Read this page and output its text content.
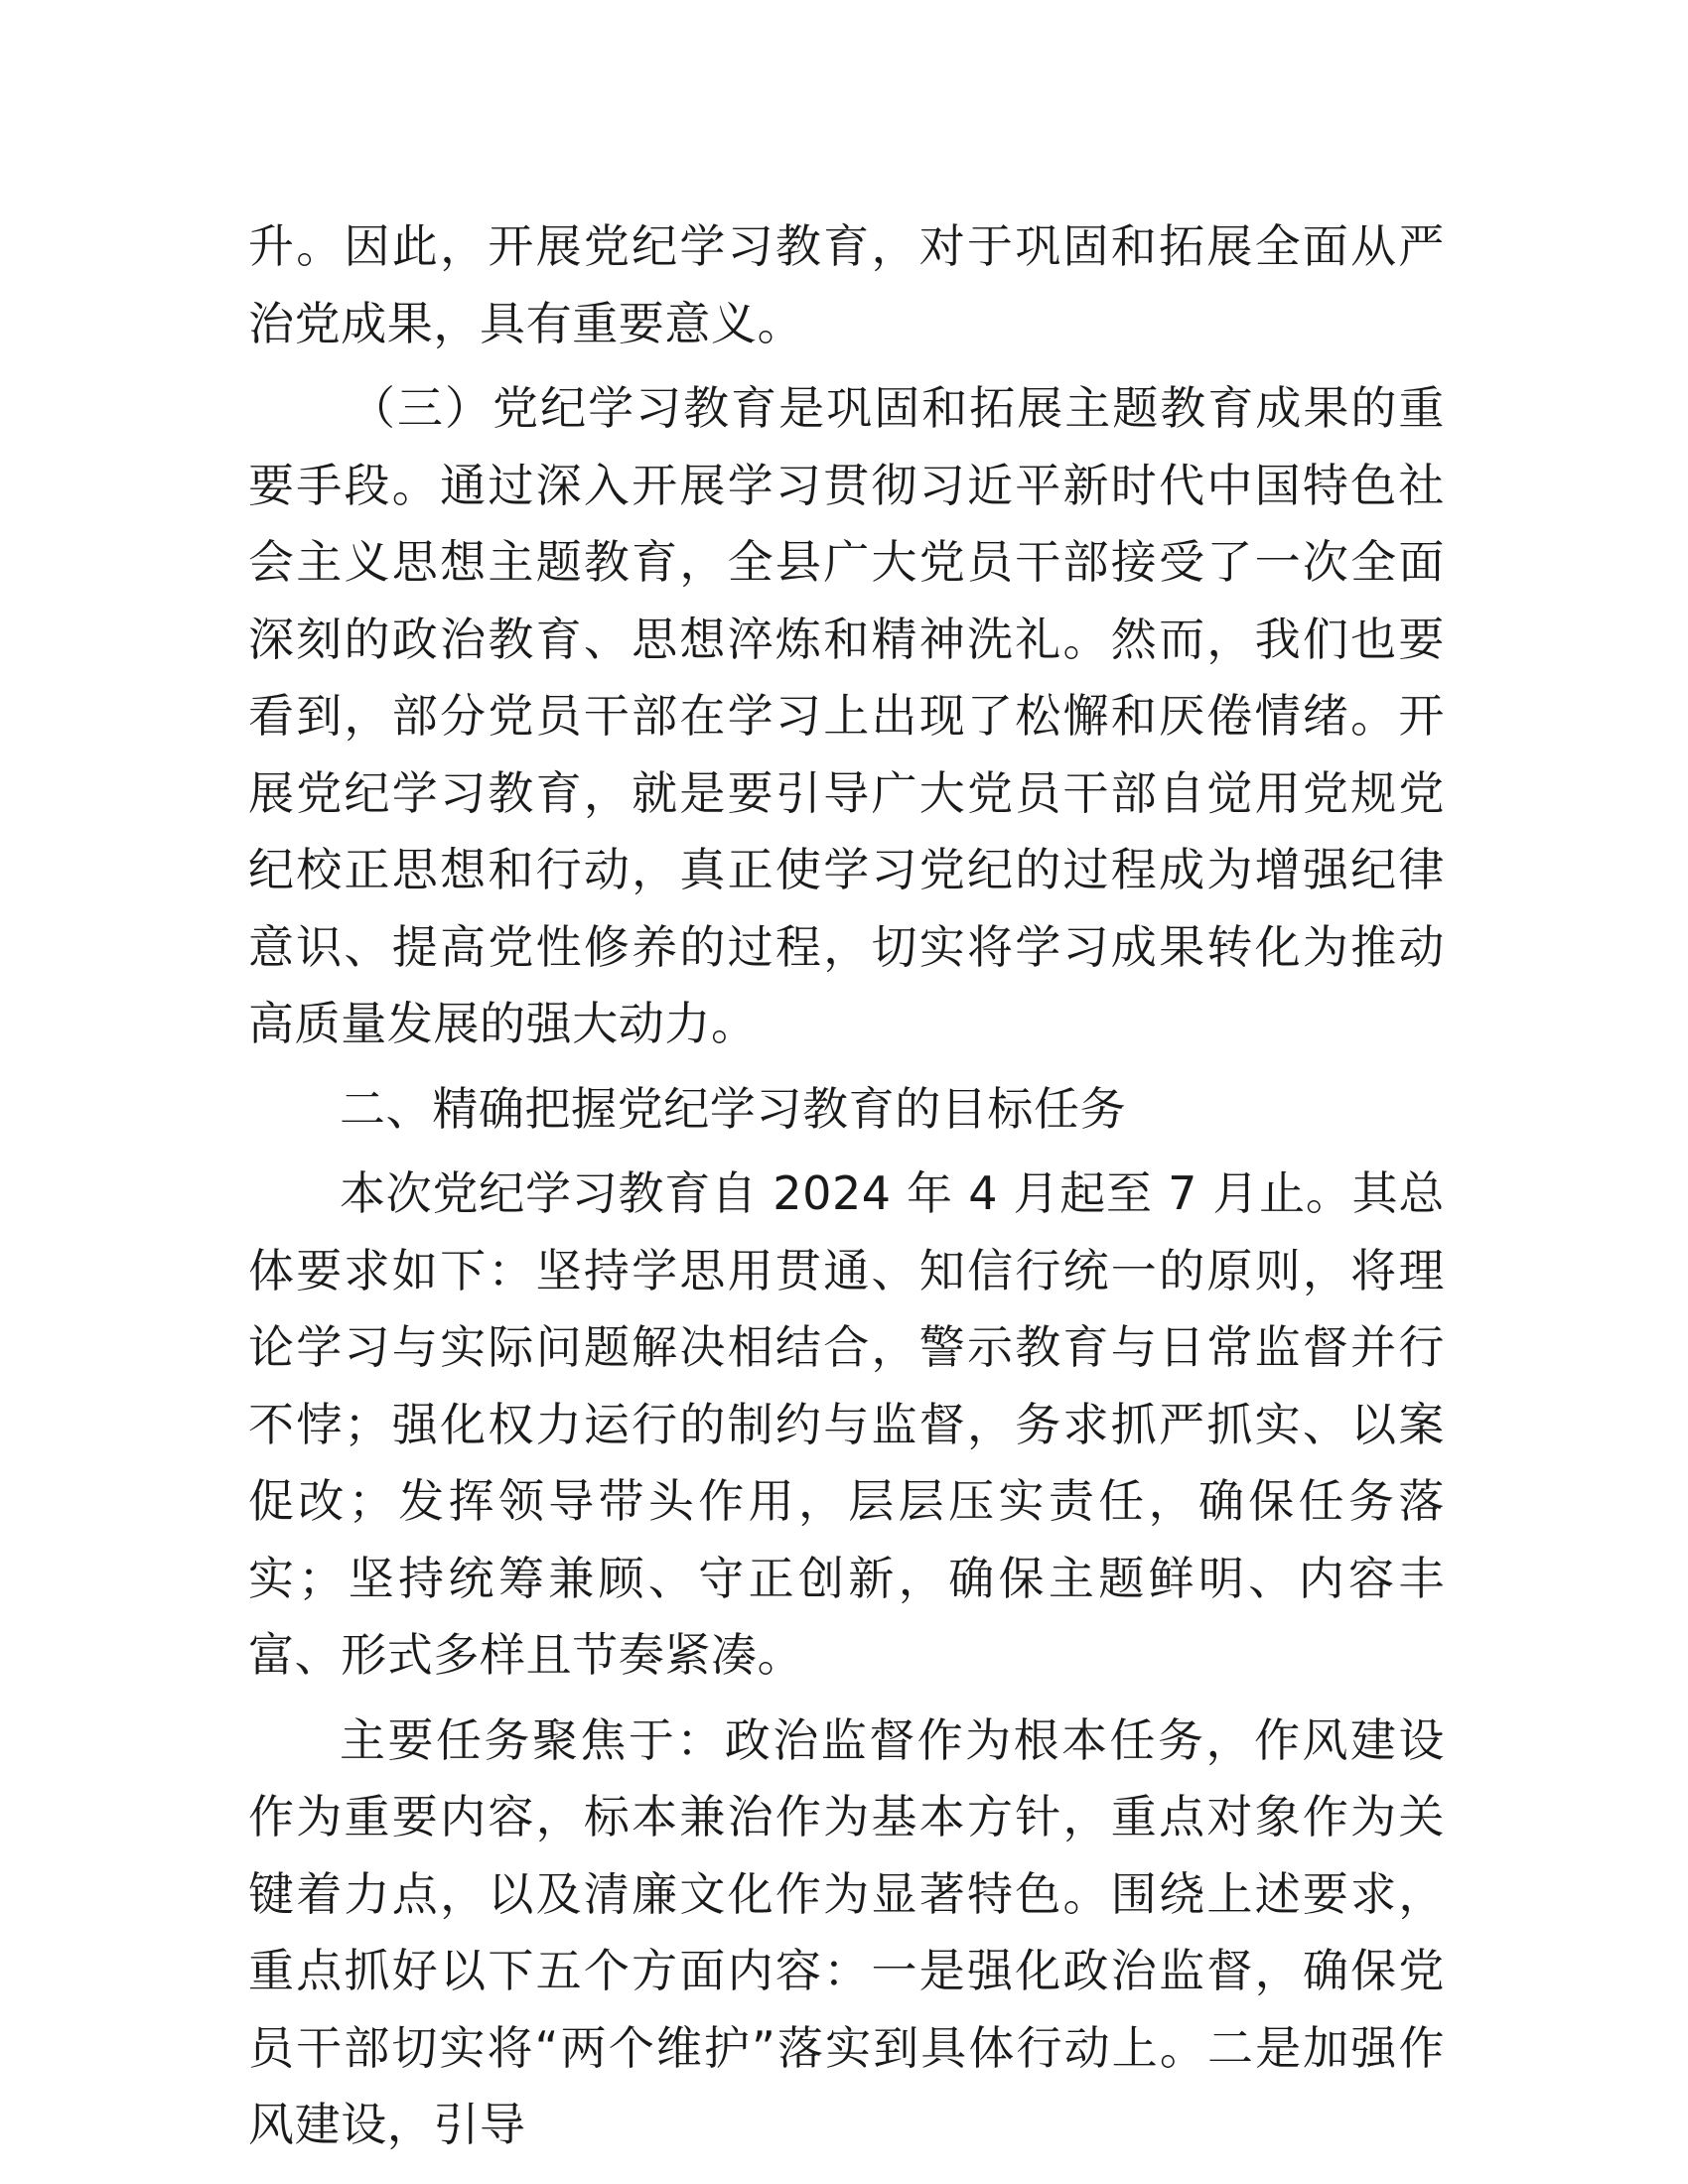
升。因此，开展党纪学习教育，对于巩固和拓展全面从严治党成果，具有重要意义。

（三）党纪学习教育是巩固和拓展主题教育成果的重要手段。通过深入开展学习贯彻习近平新时代中国特色社会主义思想主题教育，全县广大党员干部接受了一次全面深刻的政治教育、思想淬炼和精神洗礼。然而，我们也要看到，部分党员干部在学习上出现了松懈和厌倦情绪。开展党纪学习教育，就是要引导广大党员干部自觉用党规党纪校正思想和行动，真正使学习党纪的过程成为增强纪律意识、提高党性修养的过程，切实将学习成果转化为推动高质量发展的强大动力。

二、精确把握党纪学习教育的目标任务

本次党纪学习教育自 2024 年 4 月起至 7 月止。其总体要求如下：坚持学思用贯通、知信行统一的原则，将理论学习与实际问题解决相结合，警示教育与日常监督并行不悖；强化权力运行的制约与监督，务求抓严抓实、以案促改；发挥领导带头作用，层层压实责任，确保任务落实；坚持统筹兼顾、守正创新，确保主题鲜明、内容丰富、形式多样且节奏紧凑。

主要任务聚焦于：政治监督作为根本任务，作风建设作为重要内容，标本兼治作为基本方针，重点对象作为关键着力点，以及清廉文化作为显著特色。围绕上述要求，重点抓好以下五个方面内容：一是强化政治监督，确保党员干部切实将“两个维护”落实到具体行动上。二是加强作风建设，引导
